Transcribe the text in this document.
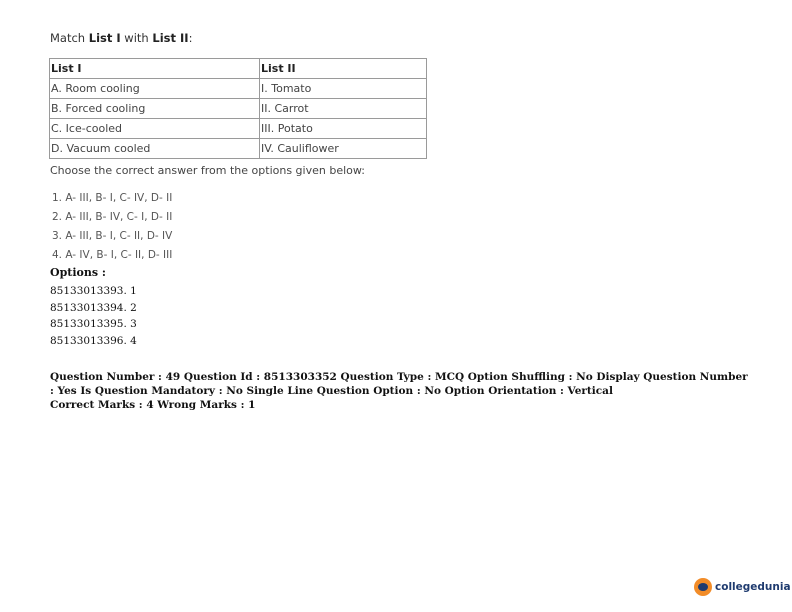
Match List I with List II:
List I	List II
A. Room cooling	I. Tomato
B. Forced cooling	II. Carrot
C. Ice-cooled	III. Potato
D. Vacuum cooled	IV. Cauliflower
Choose the correct answer from the options given below:
1. A- III, B- I, C- IV, D- II
2. A- III, B- IV, C- I, D- II
3. A- III, B- I, C- II, D- IV
4. A- IV, B- I, C- II, D- III
Options :
85133013393. 1
85133013394. 2
85133013395. 3
85133013396. 4

Question Number : 49 Question Id : 8513303352 Question Type : MCQ Option Shuffling : No Display Question Number : Yes Is Question Mandatory : No Single Line Question Option : No Option Orientation : Vertical

Correct Marks : 4 Wrong Marks : 1

collegedunia
